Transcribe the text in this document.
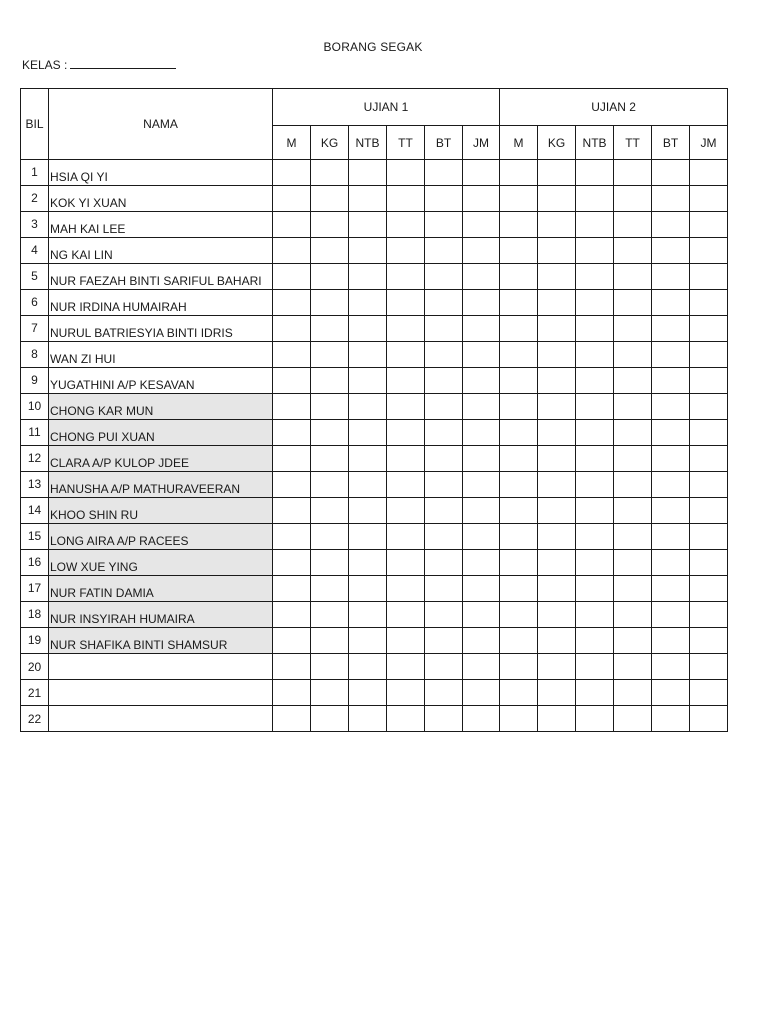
BORANG SEGAK
KELAS :
BIL	NAMA	UJIAN 1						UJIAN 2					
		M	KG	NTB	TT	BT	JM	M	KG	NTB	TT	BT	JM
1	HSIA QI YI												
2	KOK YI XUAN												
3	MAH KAI LEE												
4	NG KAI LIN												
5	NUR FAEZAH BINTI SARIFUL BAHARI												
6	NUR IRDINA HUMAIRAH												
7	NURUL BATRIESYIA BINTI IDRIS												
8	WAN ZI HUI												
9	YUGATHINI A/P KESAVAN												
10	CHONG KAR MUN												
11	CHONG PUI XUAN												
12	CLARA A/P KULOP JDEE												
13	HANUSHA A/P MATHURAVEERAN												
14	KHOO SHIN RU												
15	LONG AIRA A/P RACEES												
16	LOW XUE YING												
17	NUR FATIN DAMIA												
18	NUR INSYIRAH HUMAIRA												
19	NUR SHAFIKA BINTI SHAMSUR												
20													
21													
22													
